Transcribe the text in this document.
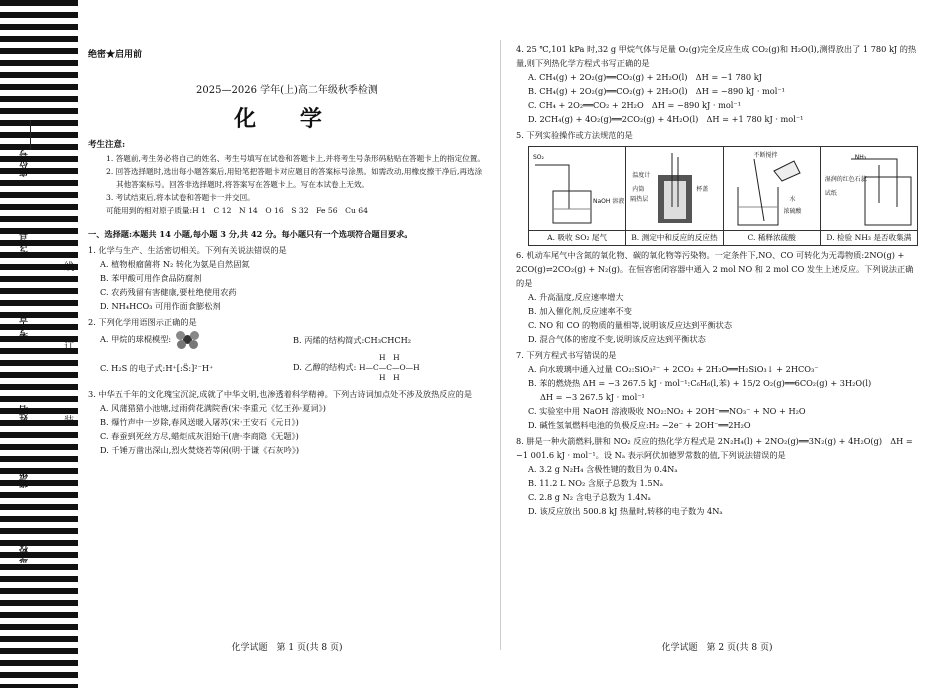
座位号
考场号
考生号
姓名
班级
学校
线
订
装
绝密★启用前
2025—2026 学年(上)高二年级秋季检测
化 学
考生注意:
1. 答题前,考生务必将自己的姓名、考生号填写在试卷和答题卡上,并将考生号条形码粘贴在答题卡上的指定位置。
2. 回答选择题时,选出每小题答案后,用铅笔把答题卡对应题目的答案标号涂黑。如需改动,用橡皮擦干净后,再选涂其他答案标号。回答非选择题时,将答案写在答题卡上。写在本试卷上无效。
3. 考试结束后,将本试卷和答题卡一并交回。
可能用到的相对原子质量:H 1　C 12　N 14　O 16　S 32　Fe 56　Cu 64
一、选择题:本题共 14 小题,每小题 3 分,共 42 分。每小题只有一个选项符合题目要求。
1. 化学与生产、生活密切相关。下列有关说法错误的是
A. 植物根瘤菌将 N₂ 转化为氨是自然固氮
B. 苯甲酸可用作食品防腐剂
C. 农药残留有害健康,要杜绝使用农药
D. NH₄HCO₃ 可用作面食膨松剂
2. 下列化学用语图示正确的是
A. 甲烷的球棍模型:	B. 丙烯的结构简式:CH₃CHCH₂
C. H₂S 的电子式:H⁺[:S̈:]²⁻H⁺	D. 乙醇的结构式:
H　H
H—C—C—O—H
H　H
3. 中华五千年的文化瑰宝沉淀,成就了中华文明,也渗透着科学精神。下列古诗词加点处不涉及放热反应的是
A. 风蒲猎猎小池塘,过雨荷花满院香(宋·李重元《忆王孙·夏词》)
B. 爆竹声中一岁除,春风送暖入屠苏(宋·王安石《元日》)
C. 春蚕到死丝方尽,蜡炬成灰泪始干(唐·李商隐《无题》)
D. 千锤万凿出深山,烈火焚烧若等闲(明·于谦《石灰吟》)
化学试题　第 1 页(共 8 页)
4. 25 ℃,101 kPa 时,32 g 甲烷气体与足量 O₂(g)完全反应生成 CO₂(g)和 H₂O(l),测得放出了 1 780 kJ 的热量,则下列热化学方程式书写正确的是
A. CH₄(g) + 2O₂(g)══CO₂(g) + 2H₂O(l)　ΔH = −1 780 kJ
B. CH₄(g) + 2O₂(g)══CO₂(g) + 2H₂O(l)　ΔH = −890 kJ · mol⁻¹
C. CH₄ + 2O₂══CO₂ + 2H₂O　ΔH = −890 kJ · mol⁻¹
D. 2CH₄(g) + 4O₂(g)══2CO₂(g) + 4H₂O(l)　ΔH = +1 780 kJ · mol⁻¹
5. 下列实验操作或方法规范的是
SO₂
NaOH 溶液
A. 吸收 SO₂ 尾气
温度计
内筒
隔热层
杯盖
B. 测定中和反应的反应热
不断搅拌
水
浓硫酸
C. 稀释浓硫酸
NH₃
湿润的红色石蕊试纸
D. 检验 NH₃ 是否收集满
6. 机动车尾气中含氮的氧化物、碳的氧化物等污染物。一定条件下,NO、CO 可转化为无毒物质:2NO(g) + 2CO(g)⇌2CO₂(g) + N₂(g)。在恒容密闭容器中通入 2 mol NO 和 2 mol CO 发生上述反应。下列说法正确的是
A. 升高温度,反应速率增大
B. 加入催化剂,反应速率不变
C. NO 和 CO 的物质的量相等,说明该反应达到平衡状态
D. 混合气体的密度不变,说明该反应达到平衡状态
7. 下列方程式书写错误的是
A. 向水玻璃中通入过量 CO₂:SiO₃²⁻ + 2CO₂ + 2H₂O══H₂SiO₃↓ + 2HCO₃⁻
B. 苯的燃烧热 ΔH = −3 267.5 kJ · mol⁻¹:C₆H₆(l,苯) + 15/2 O₂(g)══6CO₂(g) + 3H₂O(l)
ΔH = −3 267.5 kJ · mol⁻¹
C. 实验室中用 NaOH 溶液吸收 NO₂:NO₂ + 2OH⁻══NO₃⁻ + NO + H₂O
D. 碱性氢氧燃料电池的负极反应:H₂ −2e⁻ + 2OH⁻══2H₂O
8. 肼是一种火箭燃料,肼和 NO₂ 反应的热化学方程式是 2N₂H₄(l) + 2NO₂(g)══3N₂(g) + 4H₂O(g)　ΔH = −1 001.6 kJ · mol⁻¹。设 Nₐ 表示阿伏加德罗常数的值,下列说法错误的是
A. 3.2 g N₂H₄ 含极性键的数目为 0.4Nₐ
B. 11.2 L NO₂ 含原子总数为 1.5Nₐ
C. 2.8 g N₂ 含电子总数为 1.4Nₐ
D. 该反应放出 500.8 kJ 热量时,转移的电子数为 4Nₐ
化学试题　第 2 页(共 8 页)
